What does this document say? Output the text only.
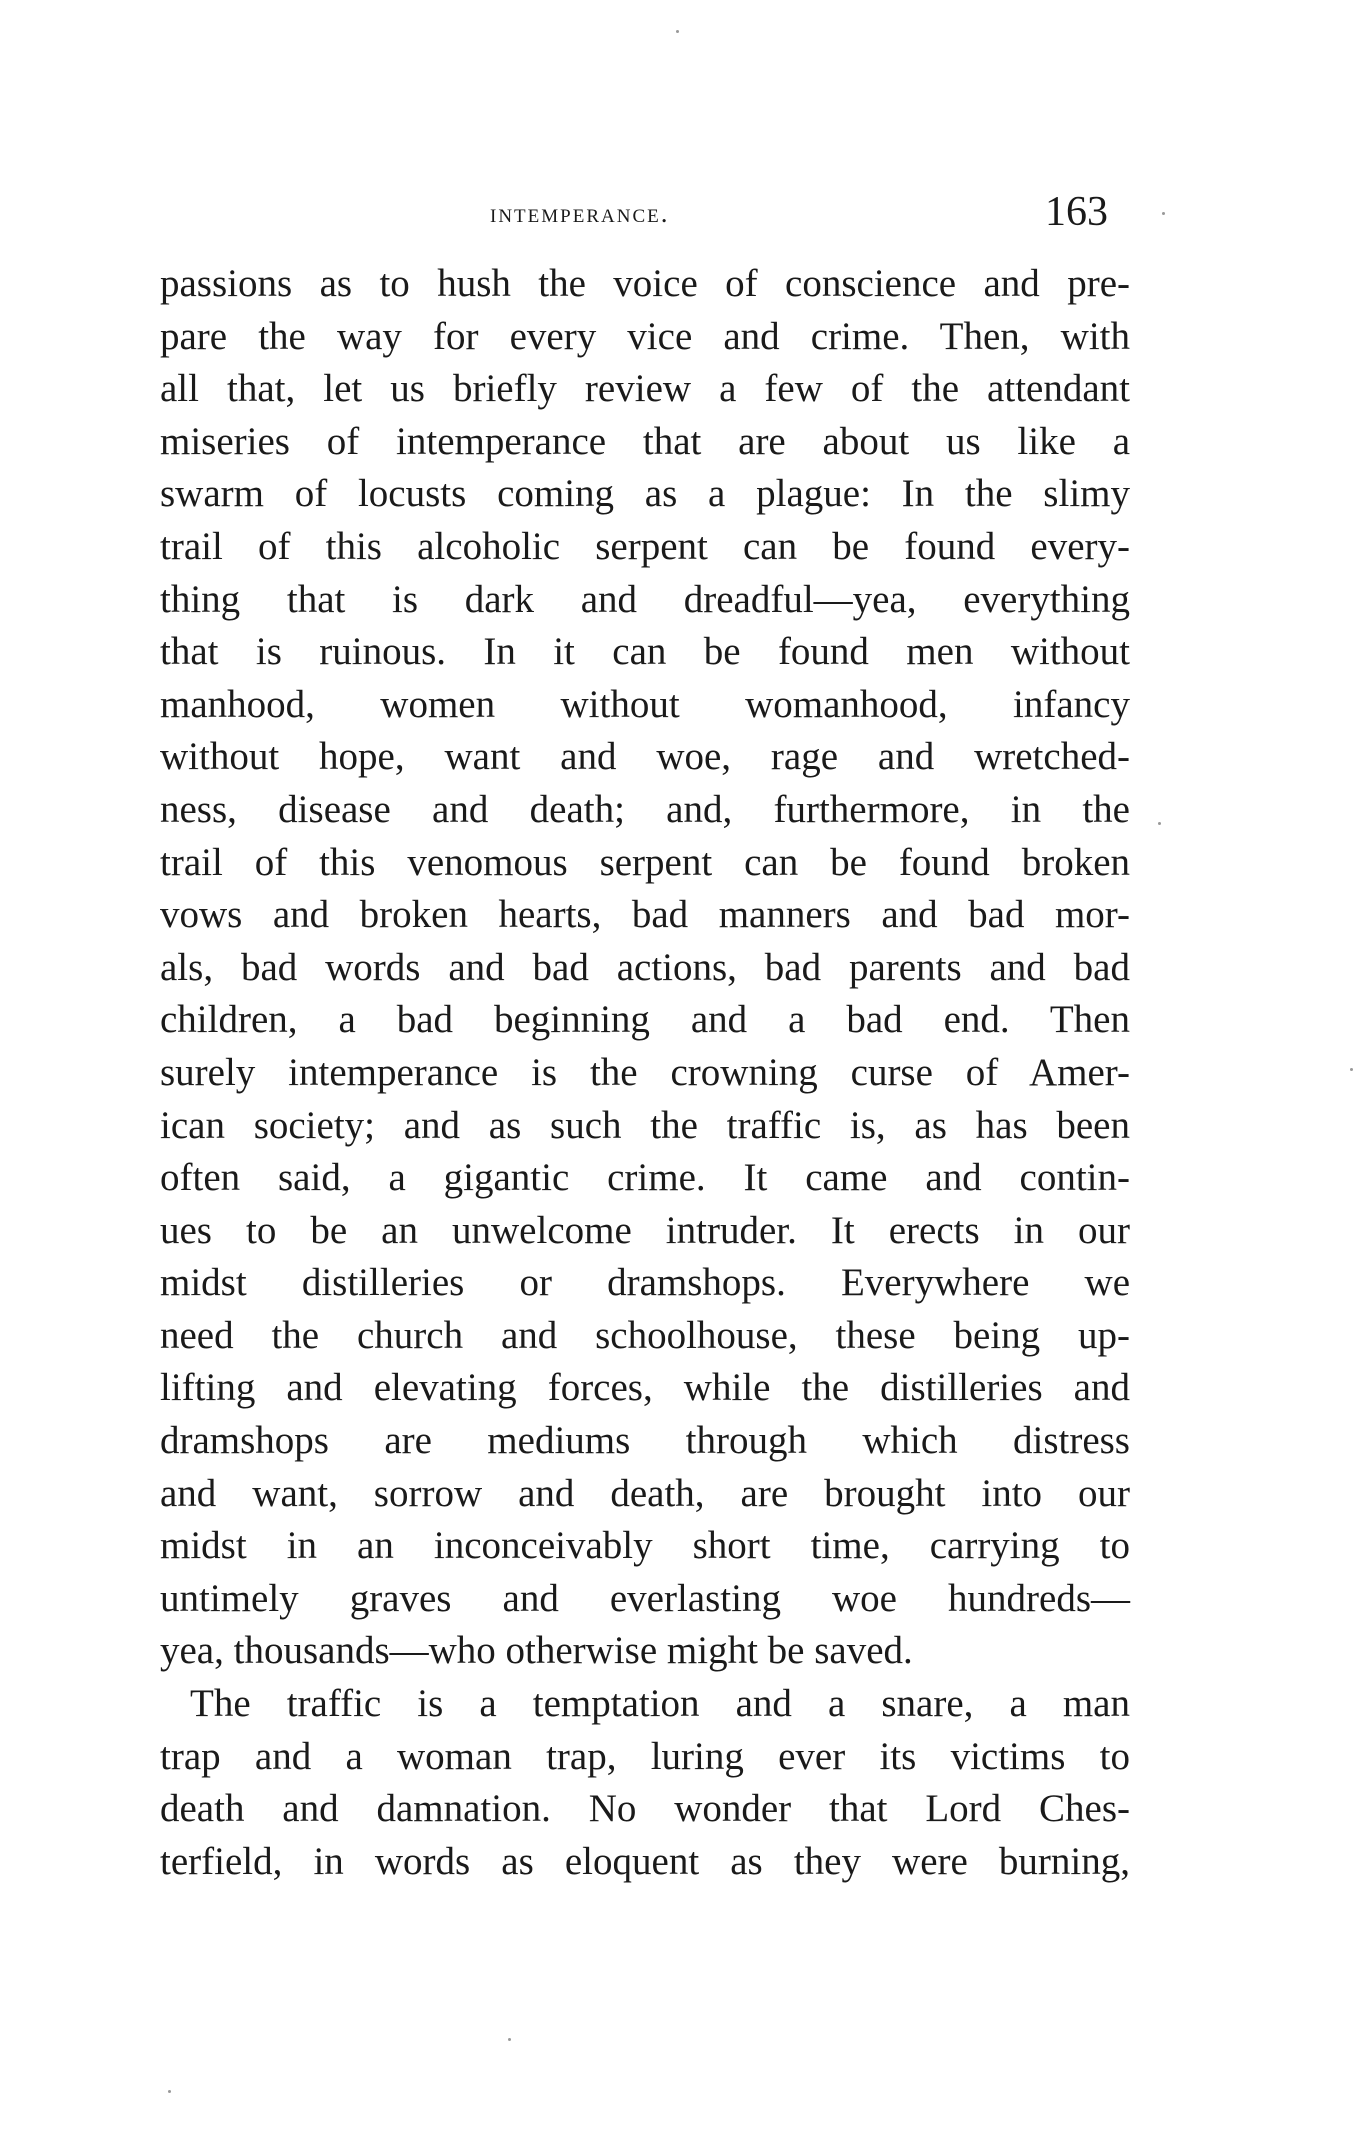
intemperance.	163
passions as to hush the voice of conscience and pre-
pare the way for every vice and crime. Then, with
all that, let us briefly review a few of the attendant
miseries of intemperance that are about us like a
swarm of locusts coming as a plague: In the slimy
trail of this alcoholic serpent can be found every-
thing that is dark and dreadful—yea, everything
that is ruinous. In it can be found men without
manhood, women without womanhood, infancy
without hope, want and woe, rage and wretched-
ness, disease and death; and, furthermore, in the
trail of this venomous serpent can be found broken
vows and broken hearts, bad manners and bad mor-
als, bad words and bad actions, bad parents and bad
children, a bad beginning and a bad end. Then
surely intemperance is the crowning curse of Amer-
ican society; and as such the traffic is, as has been
often said, a gigantic crime. It came and contin-
ues to be an unwelcome intruder. It erects in our
midst distilleries or dramshops. Everywhere we
need the church and schoolhouse, these being up-
lifting and elevating forces, while the distilleries and
dramshops are mediums through which distress
and want, sorrow and death, are brought into our
midst in an inconceivably short time, carrying to
untimely graves and everlasting woe hundreds—
yea, thousands—who otherwise might be saved.
The traffic is a temptation and a snare, a man
trap and a woman trap, luring ever its victims to
death and damnation. No wonder that Lord Ches-
terfield, in words as eloquent as they were burning,
